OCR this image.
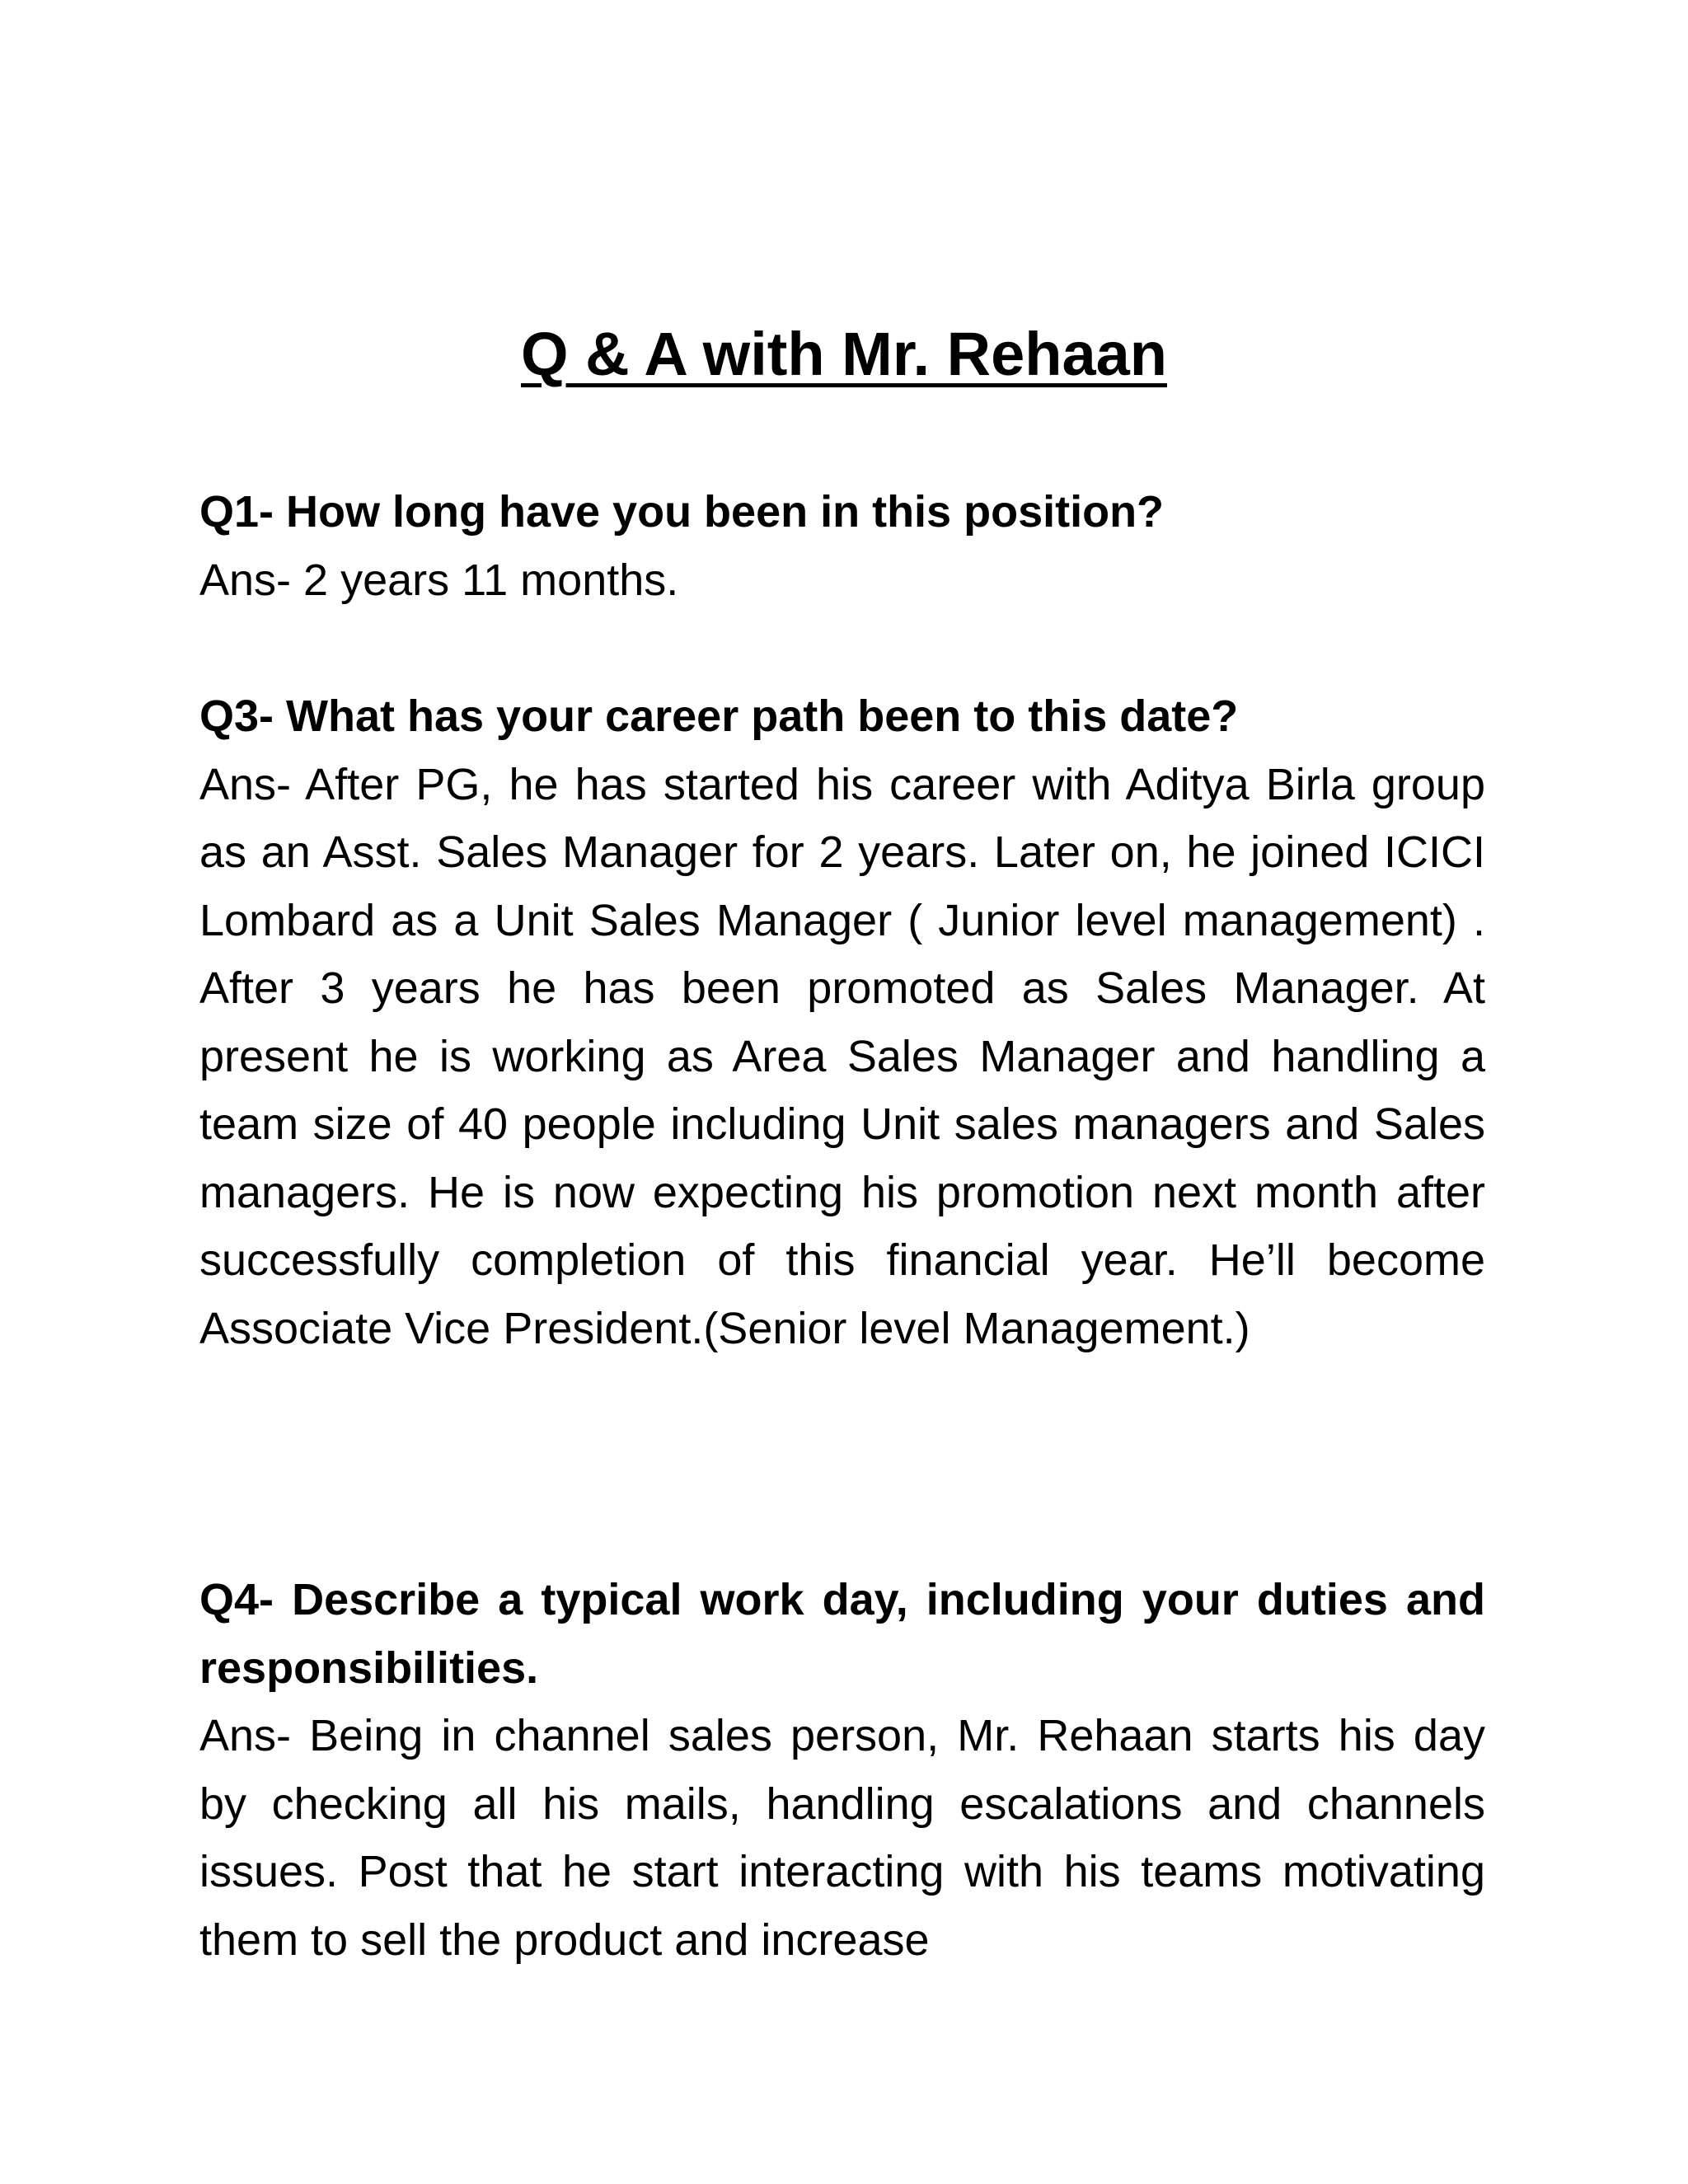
Q & A with Mr. Rehaan

Q1- How long have you been in this position?

Ans- 2 years 11 months.

Q3- What has your career path been to this date?

Ans- After PG, he has started his career with Aditya Birla group as an Asst. Sales Manager for 2 years. Later on, he joined ICICI Lombard as a Unit Sales Manager ( Junior level management) . After 3 years he has been promoted as Sales Manager. At present he is working as Area Sales Manager and handling a team size of 40 people including Unit sales managers and Sales managers. He is now expecting his promotion next month after successfully completion of this financial year. He’ll become Associate Vice President.(Senior level Management.)

Q4- Describe a typical work day, including your duties and responsibilities.

Ans- Being in channel sales person, Mr. Rehaan starts his day by checking all his mails, handling escalations and channels issues. Post that he start interacting with his teams motivating them to sell the product and increase
